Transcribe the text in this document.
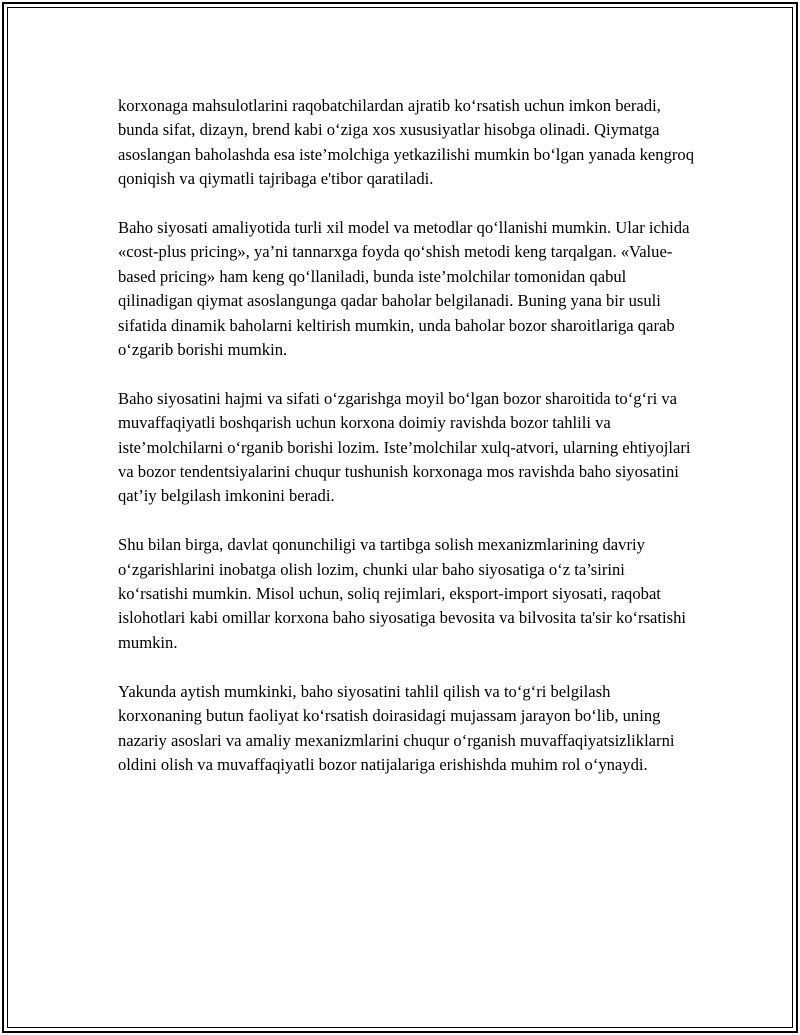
korxonaga mahsulotlarini raqobatchilardan ajratib ko‘rsatish uchun imkon beradi, bunda sifat, dizayn, brend kabi o‘ziga xos xususiyatlar hisobga olinadi. Qiymatga asoslangan baholashda esa iste’molchiga yetkazilishi mumkin bo‘lgan yanada kengroq qoniqish va qiymatli tajribaga e'tibor qaratiladi.

Baho siyosati amaliyotida turli xil model va metodlar qo‘llanishi mumkin. Ular ichida «cost-plus pricing», ya’ni tannarxga foyda qo‘shish metodi keng tarqalgan. «Value-based pricing» ham keng qo‘llaniladi, bunda iste’molchilar tomonidan qabul qilinadigan qiymat asoslangunga qadar baholar belgilanadi. Buning yana bir usuli sifatida dinamik baholarni keltirish mumkin, unda baholar bozor sharoitlariga qarab o‘zgarib borishi mumkin.

Baho siyosatini hajmi va sifati o‘zgarishga moyil bo‘lgan bozor sharoitida to‘g‘ri va muvaffaqiyatli boshqarish uchun korxona doimiy ravishda bozor tahlili va iste’molchilarni o‘rganib borishi lozim. Iste’molchilar xulq-atvori, ularning ehtiyojlari va bozor tendentsiyalarini chuqur tushunish korxonaga mos ravishda baho siyosatini qat’iy belgilash imkonini beradi.

Shu bilan birga, davlat qonunchiligi va tartibga solish mexanizmlarining davriy o‘zgarishlarini inobatga olish lozim, chunki ular baho siyosatiga o‘z ta’sirini ko‘rsatishi mumkin. Misol uchun, soliq rejimlari, eksport-import siyosati, raqobat islohotlari kabi omillar korxona baho siyosatiga bevosita va bilvosita ta'sir ko‘rsatishi mumkin.

Yakunda aytish mumkinki, baho siyosatini tahlil qilish va to‘g‘ri belgilash korxonaning butun faoliyat ko‘rsatish doirasidagi mujassam jarayon bo‘lib, uning nazariy asoslari va amaliy mexanizmlarini chuqur o‘rganish muvaffaqiyatsizliklarni oldini olish va muvaffaqiyatli bozor natijalariga erishishda muhim rol o‘ynaydi.
